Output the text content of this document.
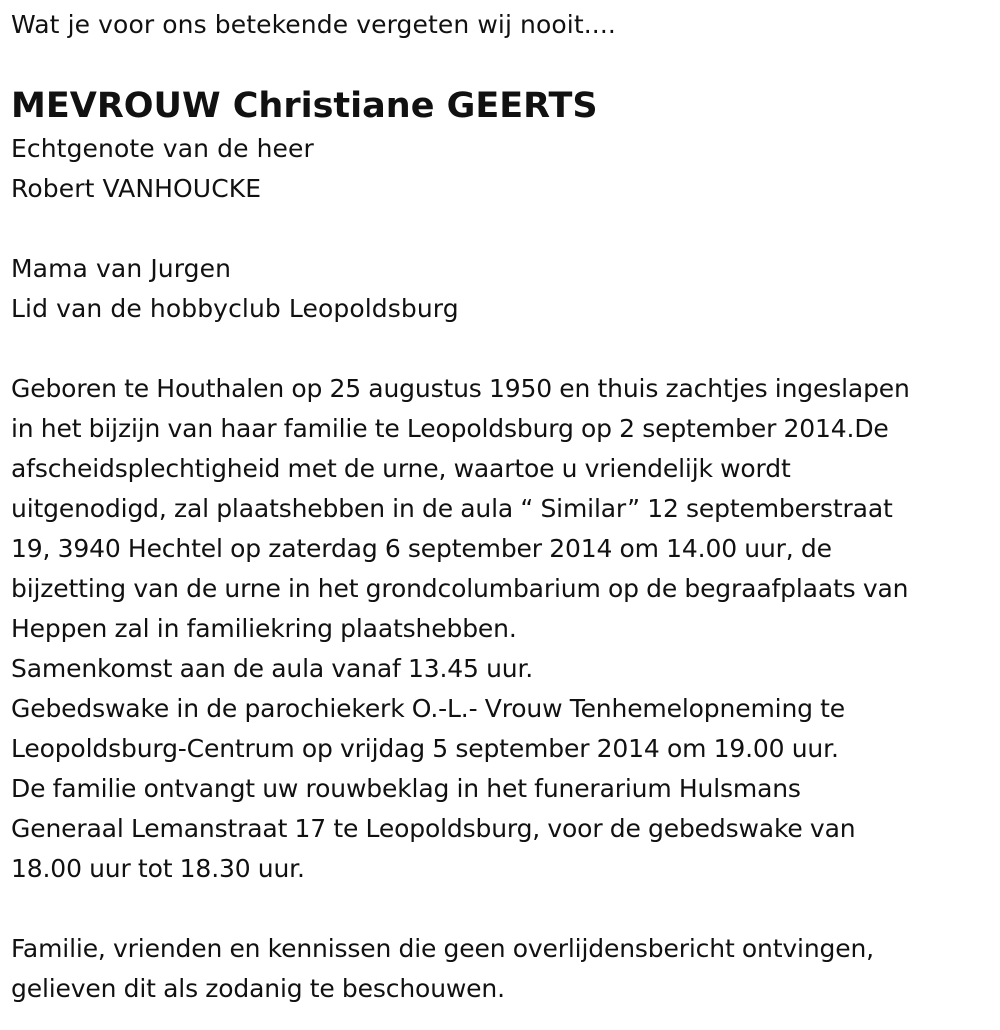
Wat je voor ons betekende vergeten wij nooit....
MEVROUW Christiane GEERTS
Echtgenote van de heer
Robert VANHOUCKE
Mama van Jurgen
Lid van de hobbyclub Leopoldsburg
Geboren te Houthalen op 25 augustus 1950 en thuis zachtjes ingeslapen
in het bijzijn van haar familie te Leopoldsburg op 2 september 2014.De
afscheidsplechtigheid met de urne, waartoe u vriendelijk wordt
uitgenodigd, zal plaatshebben in de aula “ Similar” 12 septemberstraat
19, 3940 Hechtel op zaterdag 6 september 2014 om 14.00 uur, de
bijzetting van de urne in het grondcolumbarium op de begraafplaats van
Heppen zal in familiekring plaatshebben.
Samenkomst aan de aula vanaf 13.45 uur.
Gebedswake in de parochiekerk O.-L.- Vrouw Tenhemelopneming te
Leopoldsburg-Centrum op vrijdag 5 september 2014 om 19.00 uur.
De familie ontvangt uw rouwbeklag in het funerarium Hulsmans
Generaal Lemanstraat 17 te Leopoldsburg, voor de gebedswake van
18.00 uur tot 18.30 uur.
Familie, vrienden en kennissen die geen overlijdensbericht ontvingen,
gelieven dit als zodanig te beschouwen.
